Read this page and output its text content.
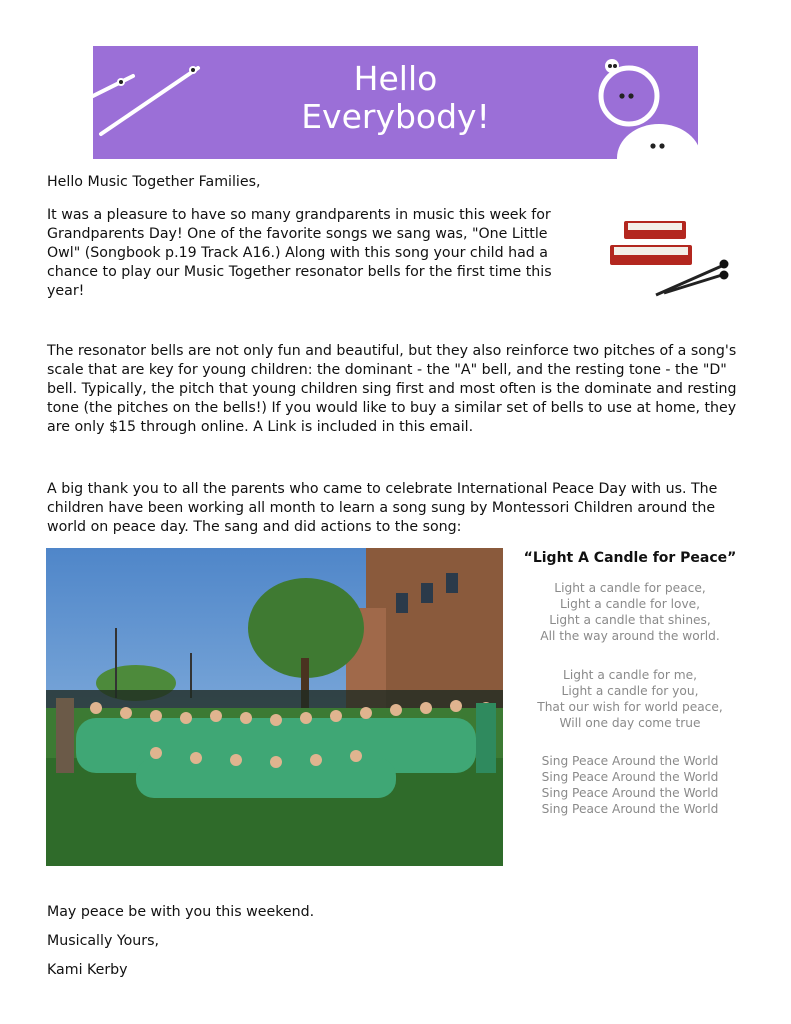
Hello
Everybody!

Hello Music Together Families,

It was a pleasure to have so many grandparents in music this week for Grandparents Day! One of the favorite songs we sang was, "One Little Owl" (Songbook p.19 Track A16.) Along with this song your child had a chance to play our Music Together resonator bells for the first time this year!

The resonator bells are not only fun and beautiful, but they also reinforce two pitches of a song's scale that are key for young children: the dominant - the "A" bell, and the resting tone - the "D" bell. Typically, the pitch that young children sing first and most often is the dominate and resting tone (the pitches on the bells!) If you would like to buy a similar set of bells to use at home, they are only $15 through online. A Link is included in this email.

A big thank you to all the parents who came to celebrate International Peace Day with us. The children have been working all month to learn a song sung by Montessori Children around the world on peace day. The sang and did actions to the song:

“Light A Candle for Peace”
Light a candle for peace,
Light a candle for love,
Light a candle that shines,
All the way around the world.
Light a candle for me,
Light a candle for you,
That our wish for world peace,
Will one day come true
Sing Peace Around the World
Sing Peace Around the World
Sing Peace Around the World
Sing Peace Around the World

May peace be with you this weekend.

Musically Yours,

Kami Kerby
